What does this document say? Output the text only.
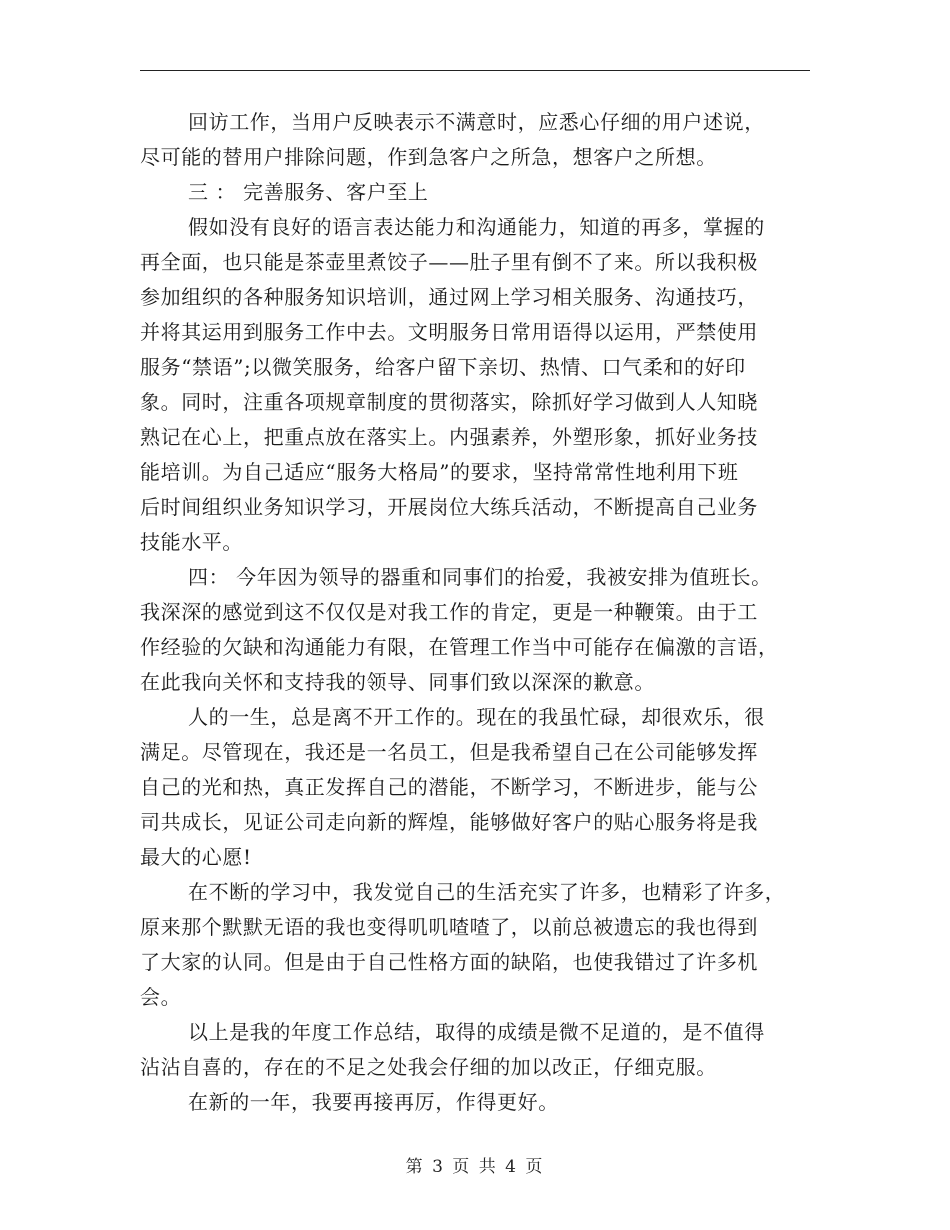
回访工作，当用户反映表示不满意时，应悉心仔细的用户述说，
尽可能的替用户排除问题，作到急客户之所急，想客户之所想。
三 ： 完善服务、客户至上
假如没有良好的语言表达能力和沟通能力，知道的再多，掌握的
再全面，也只能是茶壶里煮饺子——肚子里有倒不了来。所以我积极
参加组织的各种服务知识培训，通过网上学习相关服务、沟通技巧，
并将其运用到服务工作中去。文明服务日常用语得以运用，严禁使用
服务“禁语”;以微笑服务，给客户留下亲切、热情、口气柔和的好印
象。同时，注重各项规章制度的贯彻落实，除抓好学习做到人人知晓
熟记在心上，把重点放在落实上。内强素养，外塑形象，抓好业务技
能培训。为自己适应“服务大格局”的要求，坚持常常性地利用下班
后时间组织业务知识学习，开展岗位大练兵活动，不断提高自己业务
技能水平。
四： 今年因为领导的器重和同事们的抬爱，我被安排为值班长。
我深深的感觉到这不仅仅是对我工作的肯定，更是一种鞭策。由于工
作经验的欠缺和沟通能力有限，在管理工作当中可能存在偏激的言语，
在此我向关怀和支持我的领导、同事们致以深深的歉意。
人的一生，总是离不开工作的。现在的我虽忙碌，却很欢乐，很
满足。尽管现在，我还是一名员工，但是我希望自己在公司能够发挥
自己的光和热，真正发挥自己的潜能，不断学习，不断进步，能与公
司共成长，见证公司走向新的辉煌，能够做好客户的贴心服务将是我
最大的心愿!
在不断的学习中，我发觉自己的生活充实了许多，也精彩了许多，
原来那个默默无语的我也变得叽叽喳喳了，以前总被遗忘的我也得到
了大家的认同。但是由于自己性格方面的缺陷，也使我错过了许多机
会。
以上是我的年度工作总结，取得的成绩是微不足道的，是不值得
沾沾自喜的，存在的不足之处我会仔细的加以改正，仔细克服。
在新的一年，我要再接再厉，作得更好。
第 3 页 共 4 页
